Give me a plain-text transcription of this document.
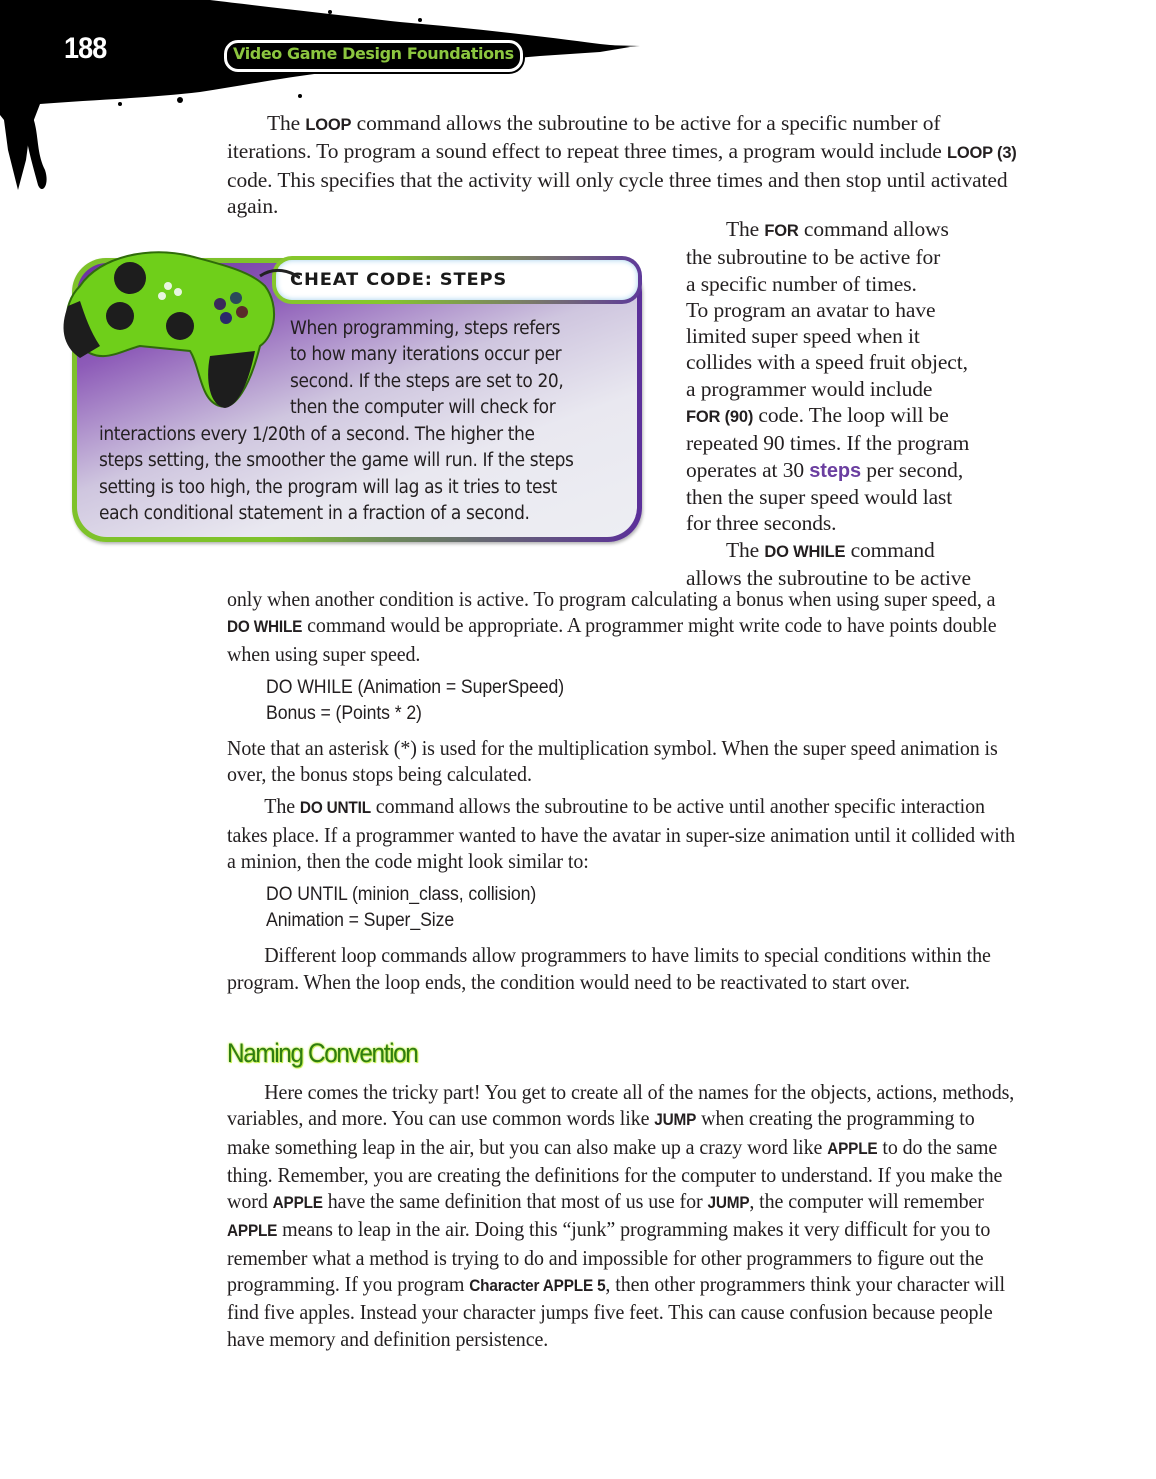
188	Video Game Design Foundations

The LOOP command allows the subroutine to be active for a specific number of iterations. To program a sound effect to repeat three times, a program would include LOOP (3) code. This specifies that the activity will only cycle three times and then stop until activated again.

CHEAT CODE: STEPS
When programming, steps refers
to how many iterations occur per
second. If the steps are set to 20,
then the computer will check for
interactions every 1/20th of a second. The higher the
steps setting, the smoother the game will run. If the steps
setting is too high, the program will lag as it tries to test
each conditional statement in a fraction of a second.
The FOR command allows
the subroutine to be active for
a specific number of times.
To program an avatar to have
limited super speed when it
collides with a speed fruit object,
a programmer would include
FOR (90) code. The loop will be
repeated 90 times. If the program
operates at 30 steps per second,
then the super speed would last
for three seconds.
The DO WHILE command
allows the subroutine to be active

only when another condition is active. To program calculating a bonus when using super speed, a DO WHILE command would be appropriate. A programmer might write code to have points double when using super speed.

DO WHILE (Animation = SuperSpeed)
Bonus = (Points * 2)

Note that an asterisk (*) is used for the multiplication symbol. When the super speed animation is over, the bonus stops being calculated.

The DO UNTIL command allows the subroutine to be active until another specific interaction takes place. If a programmer wanted to have the avatar in super-size animation until it collided with a minion, then the code might look similar to:

DO UNTIL (minion_class, collision)
Animation = Super_Size

Different loop commands allow programmers to have limits to special conditions within the program. When the loop ends, the condition would need to be reactivated to start over.

Naming Convention

Here comes the tricky part! You get to create all of the names for the objects, actions, methods, variables, and more. You can use common words like JUMP when creating the programming to make something leap in the air, but you can also make up a crazy word like APPLE to do the same thing. Remember, you are creating the definitions for the computer to understand. If you make the word APPLE have the same definition that most of us use for JUMP, the computer will remember APPLE means to leap in the air. Doing this “junk” programming makes it very difficult for you to remember what a method is trying to do and impossible for other programmers to figure out the programming. If you program Character APPLE 5, then other programmers think your character will find five apples. Instead your character jumps five feet. This can cause confusion because people have memory and definition persistence.
